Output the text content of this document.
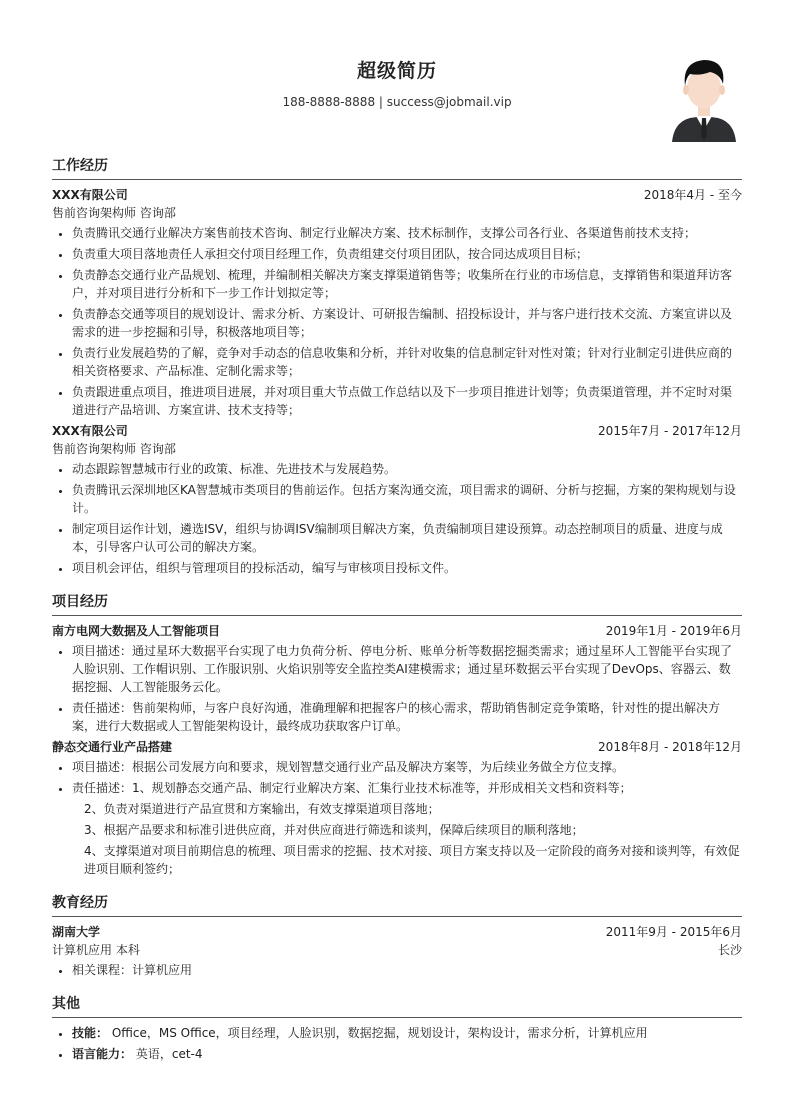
超级简历
188-8888-8888 | success@jobmail.vip
工作经历
XXX有限公司	2018年4月 - 至今
售前咨询架构师 咨询部
• 负责腾讯交通行业解决方案售前技术咨询、制定行业解决方案、技术标制作，支撑公司各行业、各渠道售前技术支持；
• 负责重大项目落地责任人承担交付项目经理工作，负责组建交付项目团队，按合同达成项目目标；
• 负责静态交通行业产品规划、梳理，并编制相关解决方案支撑渠道销售等；收集所在行业的市场信息，支撑销售和渠道拜访客户，并对项目进行分析和下一步工作计划拟定等；
• 负责静态交通等项目的规划设计、需求分析、方案设计、可研报告编制、招投标设计，并与客户进行技术交流、方案宣讲以及需求的进一步挖掘和引导，积极落地项目等；
• 负责行业发展趋势的了解，竞争对手动态的信息收集和分析，并针对收集的信息制定针对性对策；针对行业制定引进供应商的相关资格要求、产品标准、定制化需求等；
• 负责跟进重点项目，推进项目进展，并对项目重大节点做工作总结以及下一步项目推进计划等；负责渠道管理，并不定时对渠道进行产品培训、方案宣讲、技术支持等；
XXX有限公司	2015年7月 - 2017年12月
售前咨询架构师 咨询部
• 动态跟踪智慧城市行业的政策、标准、先进技术与发展趋势。
• 负责腾讯云深圳地区KA智慧城市类项目的售前运作。包括方案沟通交流，项目需求的调研、分析与挖掘，方案的架构规划与设计。
• 制定项目运作计划，遴选ISV，组织与协调ISV编制项目解决方案，负责编制项目建设预算。动态控制项目的质量、进度与成本，引导客户认可公司的解决方案。
• 项目机会评估，组织与管理项目的投标活动，编写与审核项目投标文件。
项目经历
南方电网大数据及人工智能项目	2019年1月 - 2019年6月
• 项目描述：通过星环大数据平台实现了电力负荷分析、停电分析、账单分析等数据挖掘类需求；通过星环人工智能平台实现了人脸识别、工作帽识别、工作服识别、火焰识别等安全监控类AI建模需求；通过星环数据云平台实现了DevOps、容器云、数据挖掘、人工智能服务云化。
• 责任描述：售前架构师，与客户良好沟通，准确理解和把握客户的核心需求，帮助销售制定竞争策略，针对性的提出解决方案，进行大数据或人工智能架构设计，最终成功获取客户订单。
静态交通行业产品搭建	2018年8月 - 2018年12月
• 项目描述：根据公司发展方向和要求，规划智慧交通行业产品及解决方案等，为后续业务做全方位支撑。
• 责任描述：1、规划静态交通产品、制定行业解决方案、汇集行业技术标准等，并形成相关文档和资料等；
2、负责对渠道进行产品宣贯和方案输出，有效支撑渠道项目落地；
3、根据产品要求和标准引进供应商，并对供应商进行筛选和谈判，保障后续项目的顺利落地；
4、支撑渠道对项目前期信息的梳理、项目需求的挖掘、技术对接、项目方案支持以及一定阶段的商务对接和谈判等，有效促进项目顺利签约；
教育经历
湖南大学	2011年9月 - 2015年6月
计算机应用 本科	长沙
• 相关课程：计算机应用
其他
• 技能： Office，MS Office，项目经理，人脸识别，数据挖掘，规划设计，架构设计，需求分析，计算机应用
• 语言能力： 英语，cet-4
